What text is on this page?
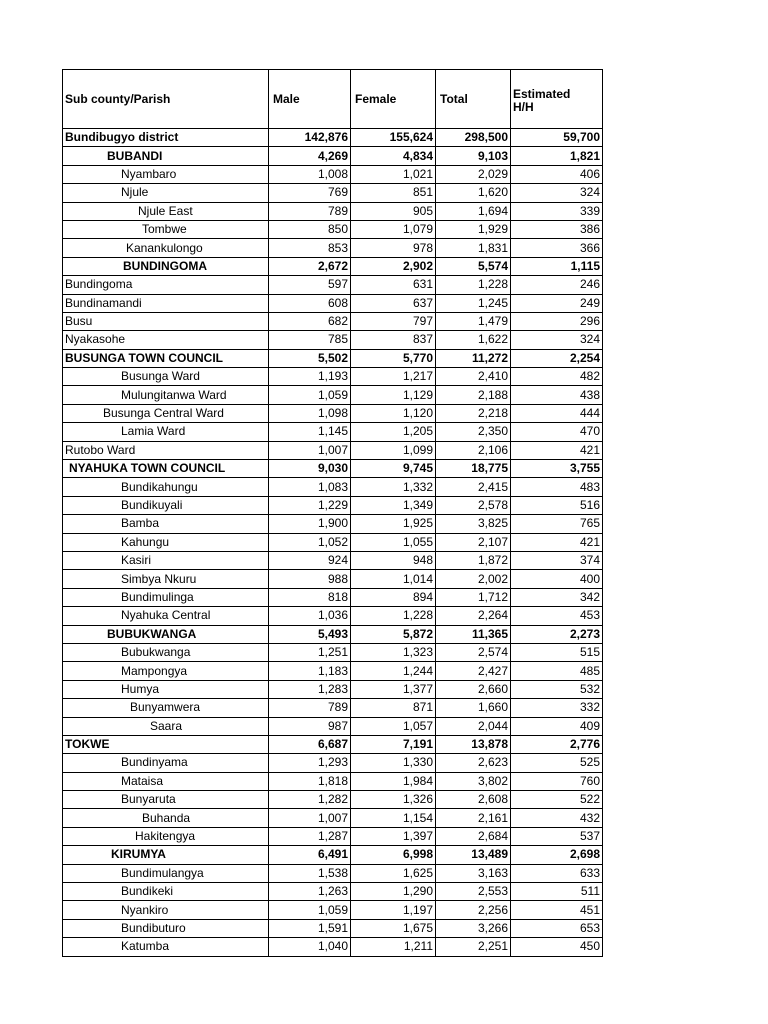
Sub county/Parish	Male	Female	Total	Estimated H/H
Bundibugyo district	142,876	155,624	298,500	59,700
BUBANDI	4,269	4,834	9,103	1,821
Nyambaro	1,008	1,021	2,029	406
Njule	769	851	1,620	324
Njule East	789	905	1,694	339
Tombwe	850	1,079	1,929	386
Kanankulongo	853	978	1,831	366
BUNDINGOMA	2,672	2,902	5,574	1,115
Bundingoma	597	631	1,228	246
Bundinamandi	608	637	1,245	249
Busu	682	797	1,479	296
Nyakasohe	785	837	1,622	324
BUSUNGA TOWN COUNCIL	5,502	5,770	11,272	2,254
Busunga Ward	1,193	1,217	2,410	482
Mulungitanwa Ward	1,059	1,129	2,188	438
Busunga Central Ward	1,098	1,120	2,218	444
Lamia Ward	1,145	1,205	2,350	470
Rutobo Ward	1,007	1,099	2,106	421
NYAHUKA TOWN COUNCIL	9,030	9,745	18,775	3,755
Bundikahungu	1,083	1,332	2,415	483
Bundikuyali	1,229	1,349	2,578	516
Bamba	1,900	1,925	3,825	765
Kahungu	1,052	1,055	2,107	421
Kasiri	924	948	1,872	374
Simbya Nkuru	988	1,014	2,002	400
Bundimulinga	818	894	1,712	342
Nyahuka Central	1,036	1,228	2,264	453
BUBUKWANGA	5,493	5,872	11,365	2,273
Bubukwanga	1,251	1,323	2,574	515
Mampongya	1,183	1,244	2,427	485
Humya	1,283	1,377	2,660	532
Bunyamwera	789	871	1,660	332
Saara	987	1,057	2,044	409
TOKWE	6,687	7,191	13,878	2,776
Bundinyama	1,293	1,330	2,623	525
Mataisa	1,818	1,984	3,802	760
Bunyaruta	1,282	1,326	2,608	522
Buhanda	1,007	1,154	2,161	432
Hakitengya	1,287	1,397	2,684	537
KIRUMYA	6,491	6,998	13,489	2,698
Bundimulangya	1,538	1,625	3,163	633
Bundikeki	1,263	1,290	2,553	511
Nyankiro	1,059	1,197	2,256	451
Bundibuturo	1,591	1,675	3,266	653
Katumba	1,040	1,211	2,251	450
